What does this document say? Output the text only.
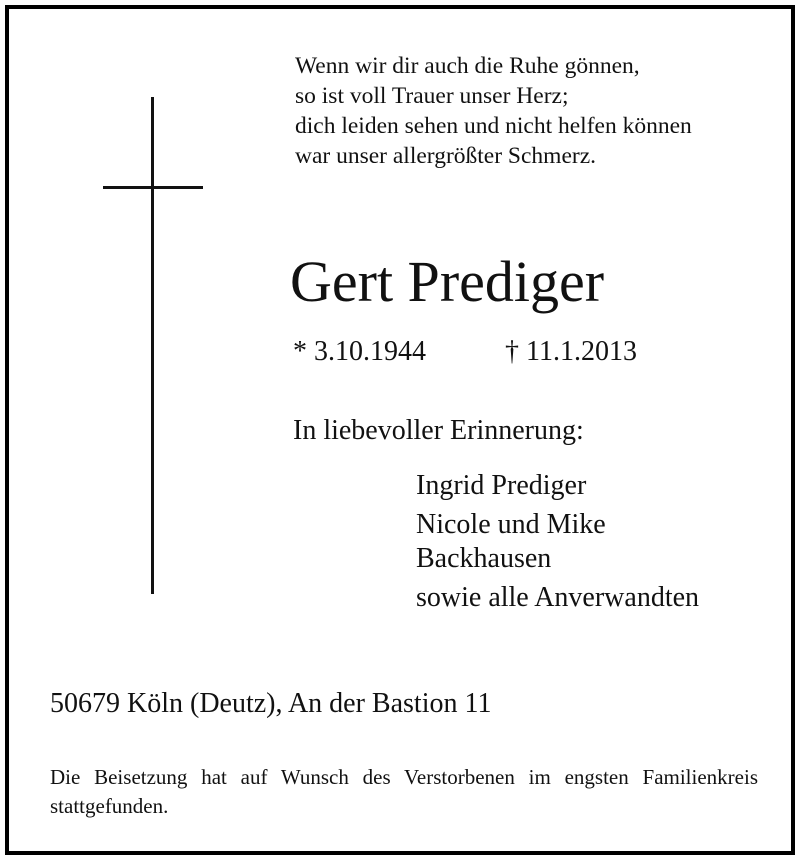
Wenn wir dir auch die Ruhe gönnen,
so ist voll Trauer unser Herz;
dich leiden sehen und nicht helfen können
war unser allergrößter Schmerz.

Gert Prediger
* 3.10.1944	† 11.1.2013
In liebevoller Erinnerung:
Ingrid Prediger
Nicole und Mike
Backhausen
sowie alle Anverwandten
50679 Köln (Deutz), An der Bastion 11

Die Beisetzung hat auf Wunsch des Verstorbenen im engsten Familienkreis stattgefunden.
